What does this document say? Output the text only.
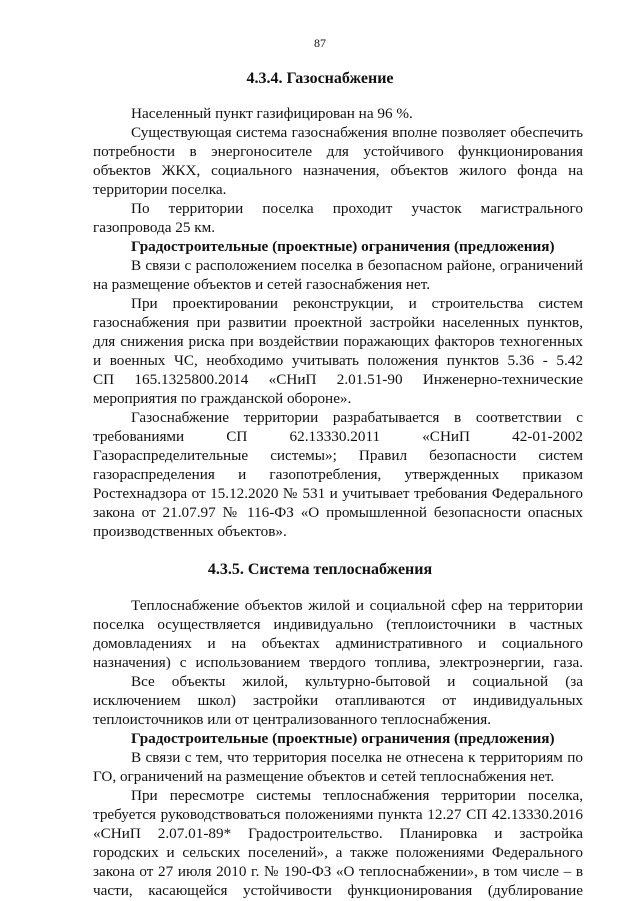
87
4.3.4. Газоснабжение
Населенный пункт газифицирован на 96 %.
Существующая система газоснабжения вполне позволяет обеспечить
потребности в энергоносителе для устойчивого функционирования
объектов ЖКХ, социального назначения, объектов жилого фонда на
территории поселка.
По территории поселка проходит участок магистрального
газопровода 25 км.
Градостроительные (проектные) ограничения (предложения)
В связи с расположением поселка в безопасном районе, ограничений
на размещение объектов и сетей газоснабжения нет.
При проектировании реконструкции, и строительства систем
газоснабжения при развитии проектной застройки населенных пунктов,
для снижения риска при воздействии поражающих факторов техногенных
и военных ЧС, необходимо учитывать положения пунктов 5.36 - 5.42
СП 165.1325800.2014 «СНиП 2.01.51-90 Инженерно-технические
мероприятия по гражданской обороне».
Газоснабжение территории разрабатывается в соответствии с
требованиями СП 62.13330.2011 «СНиП 42-01-2002
Газораспределительные системы»; Правил безопасности систем
газораспределения и газопотребления, утвержденных приказом
Ростехнадзора от 15.12.2020 № 531 и учитывает требования Федерального
закона от 21.07.97 № 116-ФЗ «О промышленной безопасности опасных
производственных объектов».
4.3.5. Система теплоснабжения
Теплоснабжение объектов жилой и социальной сфер на территории
поселка осуществляется индивидуально (теплоисточники в частных
домовладениях и на объектах административного и социального
назначения) с использованием твердого топлива, электроэнергии, газа.
Все объекты жилой, культурно-бытовой и социальной (за
исключением школ) застройки отапливаются от индивидуальных
теплоисточников или от централизованного теплоснабжения.
Градостроительные (проектные) ограничения (предложения)
В связи с тем, что территория поселка не отнесена к территориям по
ГО, ограничений на размещение объектов и сетей теплоснабжения нет.
При пересмотре системы теплоснабжения территории поселка,
требуется руководствоваться положениями пункта 12.27 СП 42.13330.2016
«СНиП 2.07.01-89* Градостроительство. Планировка и застройка
городских и сельских поселений», а также положениями Федерального
закона от 27 июля 2010 г. № 190-ФЗ «О теплоснабжении», в том числе – в
части, касающейся устойчивости функционирования (дублирование
